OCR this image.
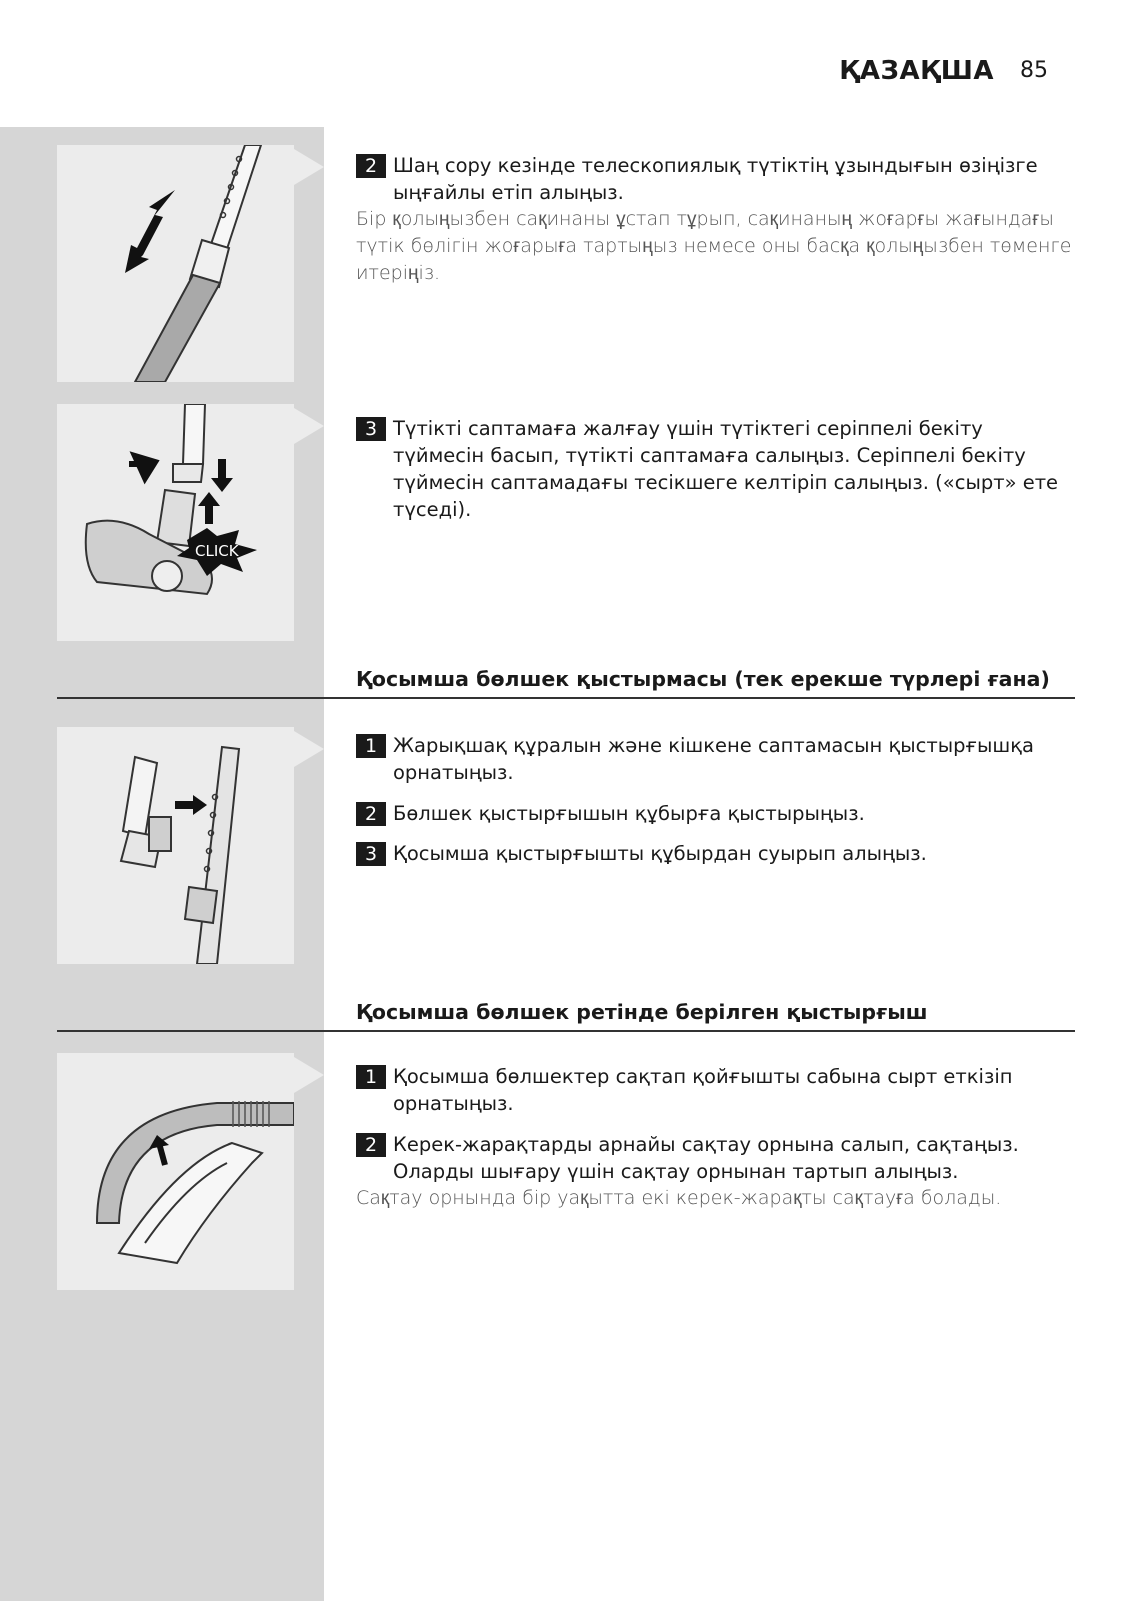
ҚАЗАҚША 85
2 Шаң сору кезінде телескопиялық түтіктің ұзындығын өзіңізге ыңғайлы етіп алыңыз.
Бір қолыңызбен сақинаны ұстап тұрып, сақинаның жоғарғы жағындағы түтік бөлігін жоғарыға тартыңыз немесе оны басқа қолыңызбен төменге итеріңіз.
CLICK
3 Түтікті саптамаға жалғау үшін түтіктегі серіппелі бекіту түймесін басып, түтікті саптамаға салыңыз. Серіппелі бекіту түймесін саптамадағы тесікшеге келтіріп салыңыз. («сырт» ете түседі).
Қосымша бөлшек қыстырмасы (тек ерекше түрлері ғана)
1 Жарықшақ құралын және кішкене саптамасын қыстырғышқа орнатыңыз.
2 Бөлшек қыстырғышын құбырға қыстырыңыз.
3 Қосымша қыстырғышты құбырдан суырып алыңыз.
Қосымша бөлшек ретінде берілген қыстырғыш
1 Қосымша бөлшектер сақтап қойғышты сабына сырт еткізіп орнатыңыз.
2 Керек-жарақтарды арнайы сақтау орнына салып, сақтаңыз. Оларды шығару үшін сақтау орнынан тартып алыңыз.
Сақтау орнында бір уақытта екі керек-жарақты сақтауға болады.
